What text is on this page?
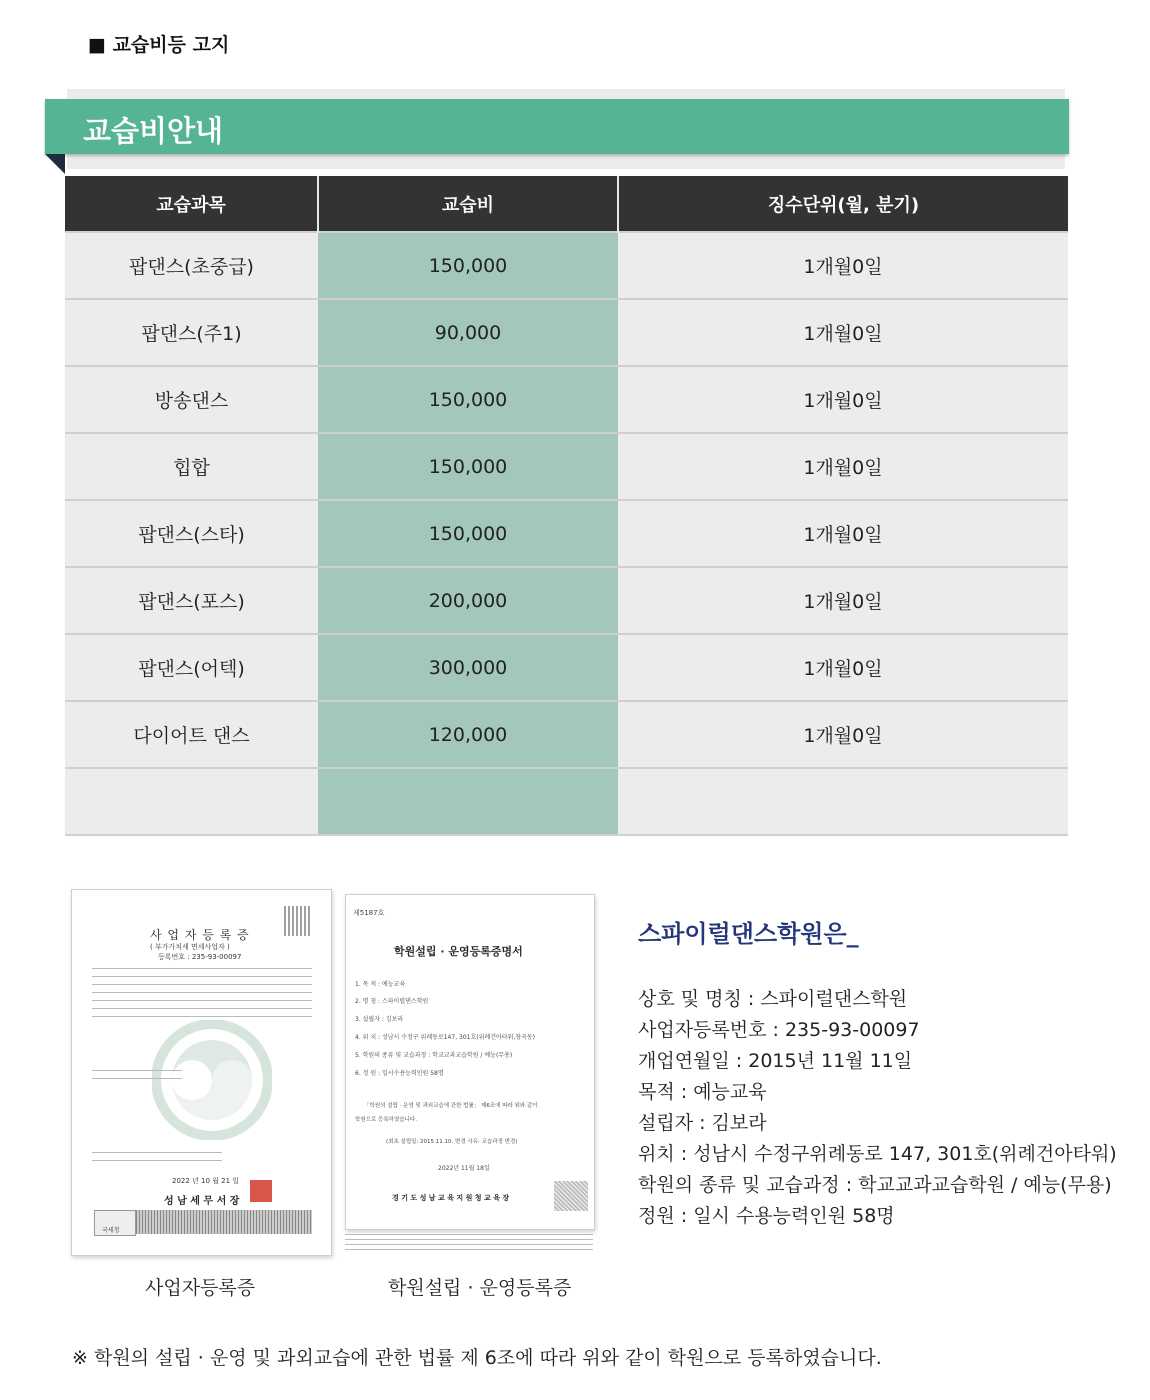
■ 교습비등 고지
교습비안내
교습과목	교습비	징수단위(월, 분기)
팝댄스(초중급)	150,000	1개월0일
팝댄스(주1)	90,000	1개월0일
방송댄스	150,000	1개월0일
힙합	150,000	1개월0일
팝댄스(스타)	150,000	1개월0일
팝댄스(포스)	200,000	1개월0일
팝댄스(어텍)	300,000	1개월0일
다이어트 댄스	120,000	1개월0일

사 업 자 등 록 증
( 부가가치세 면세사업자 )
등록번호 : 235-93-00097
2022 년 10 월 21 일
성 남 세 무 서 장
국세청
사업자등록증
제5187호
학원설립 · 운영등록증명서
1. 목 적 : 예능교육
2. 명 칭 : 스파이럴댄스학원
3. 설립자 : 김보라
4. 위 치 : 성남시 수정구 위례동로147, 301호(위례건아타워,창곡동)
5. 학원의 종류 및 교습과정 : 학교교과교습학원 / 예능(무용)
6. 정 원 : 일시수용능력인원 58명
「학원의 설립 · 운영 및 과외교습에 관한 법률」 제6조에 따라 위와 같이
학원으로 등록하였습니다.
(최초 설립일: 2015.11.10. 변경 사유: 교습과정 변경)
2022년 11월 18일
경 기 도 성 남 교 육 지 원 청 교 육 장
학원설립 · 운영등록증
스파이럴댄스학원은_
상호 및 명칭 : 스파이럴댄스학원
사업자등록번호 : 235-93-00097
개업연월일 : 2015년 11월 11일
목적 : 예능교육
설립자 : 김보라
위치 : 성남시 수정구위례동로 147, 301호(위례건아타워)
학원의 종류 및 교습과정 : 학교교과교습학원 / 예능(무용)
정원 : 일시 수용능력인원 58명
※ 학원의 설립 · 운영 및 과외교습에 관한 법률 제 6조에 따라 위와 같이 학원으로 등록하였습니다.
